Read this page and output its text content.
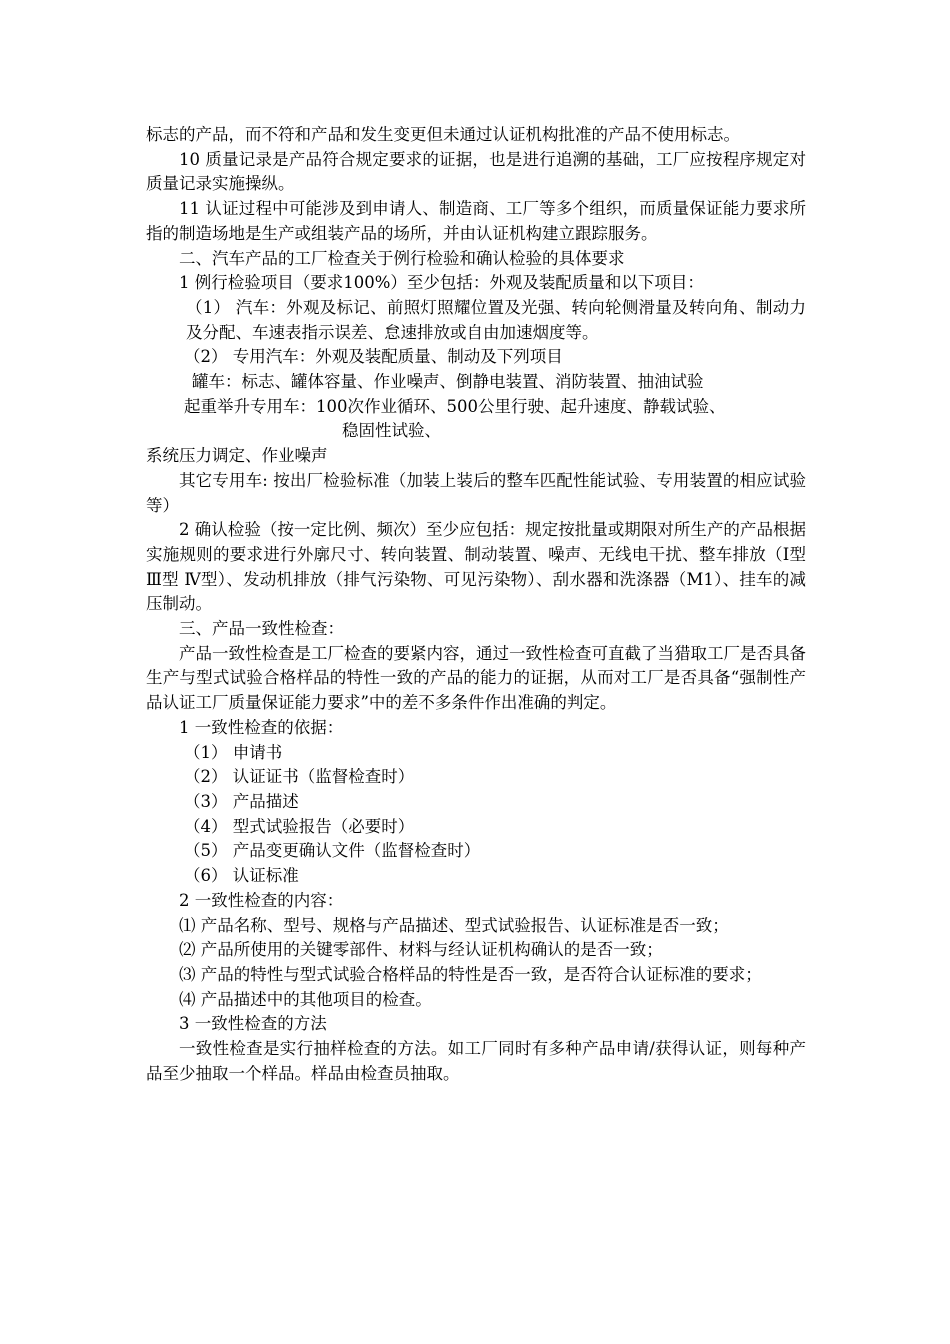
标志的产品，而不符和产品和发生变更但未通过认证机构批准的产品不使用标志。

10 质量记录是产品符合规定要求的证据，也是进行追溯的基础，工厂应按程序规定对质量记录实施操纵。

11 认证过程中可能涉及到申请人、制造商、工厂等多个组织，而质量保证能力要求所指的制造场地是生产或组装产品的场所，并由认证机构建立跟踪服务。

二、汽车产品的工厂检查关于例行检验和确认检验的具体要求

1 例行检验项目（要求100%）至少包括：外观及装配质量和以下项目：

（1） 汽车：外观及标记、前照灯照耀位置及光强、转向轮侧滑量及转向角、制动力及分配、车速表指示误差、怠速排放或自由加速烟度等。

（2） 专用汽车：外观及装配质量、制动及下列项目

罐车：标志、罐体容量、作业噪声、倒静电装置、消防装置、抽油试验

起重举升专用车：100次作业循环、500公里行驶、起升速度、静载试验、

稳固性试验、

系统压力调定、作业噪声

其它专用车: 按出厂检验标准（加装上装后的整车匹配性能试验、专用装置的相应试验等）

2 确认检验（按一定比例、频次）至少应包括：规定按批量或期限对所生产的产品根据实施规则的要求进行外廓尺寸、转向装置、制动装置、噪声、无线电干扰、整车排放（Ⅰ型 Ⅲ型 Ⅳ型）、发动机排放（排气污染物、可见污染物）、刮水器和洗涤器（M1）、挂车的减压制动。

三、产品一致性检查：

产品一致性检查是工厂检查的要紧内容，通过一致性检查可直截了当猎取工厂是否具备生产与型式试验合格样品的特性一致的产品的能力的证据，从而对工厂是否具备“强制性产品认证工厂质量保证能力要求”中的差不多条件作出准确的判定。

1 一致性检查的依据：

（1） 申请书

（2） 认证证书（监督检查时）

（3） 产品描述

（4） 型式试验报告（必要时）

（5） 产品变更确认文件（监督检查时）

（6） 认证标准

2 一致性检查的内容：

⑴ 产品名称、型号、规格与产品描述、型式试验报告、认证标准是否一致；

⑵ 产品所使用的关键零部件、材料与经认证机构确认的是否一致；

⑶ 产品的特性与型式试验合格样品的特性是否一致，是否符合认证标准的要求；

⑷ 产品描述中的其他项目的检查。

3 一致性检查的方法

一致性检查是实行抽样检查的方法。如工厂同时有多种产品申请/获得认证，则每种产品至少抽取一个样品。样品由检查员抽取。
